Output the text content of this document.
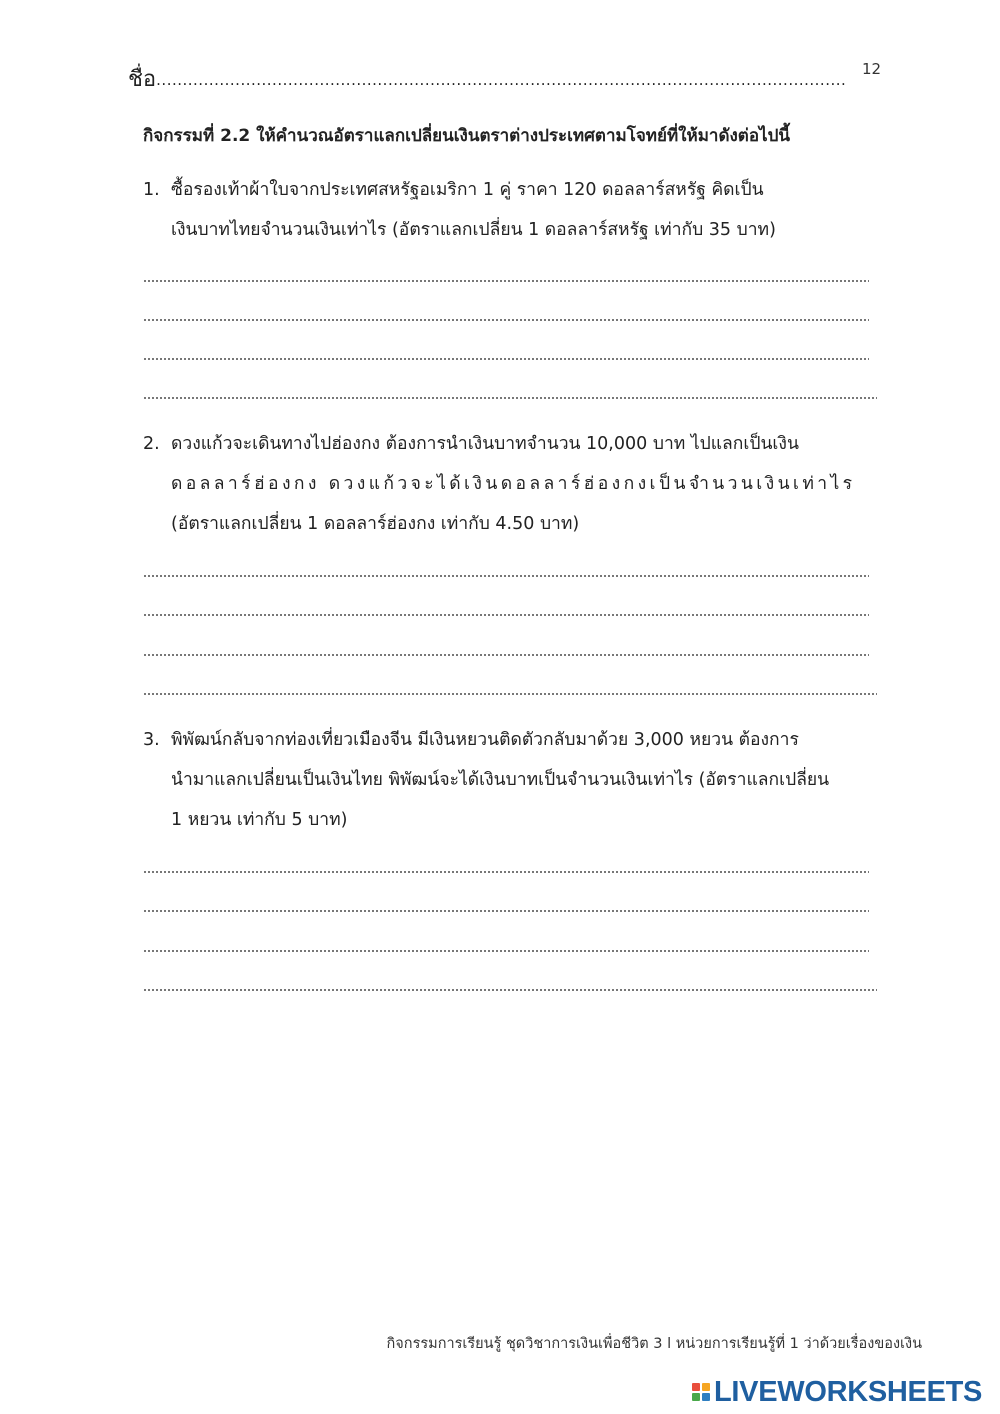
ชื่อ...................................................................................................................................
12
กิจกรรมที่ 2.2 ให้คำนวณอัตราแลกเปลี่ยนเงินตราต่างประเทศตามโจทย์ที่ให้มาดังต่อไปนี้
1. ซื้อรองเท้าผ้าใบจากประเทศสหรัฐอเมริกา 1 คู่ ราคา 120 ดอลลาร์สหรัฐ คิดเป็น
เงินบาทไทยจำนวนเงินเท่าไร (อัตราแลกเปลี่ยน 1 ดอลลาร์สหรัฐ เท่ากับ 35 บาท)
2. ดวงแก้วจะเดินทางไปฮ่องกง ต้องการนำเงินบาทจำนวน 10,000 บาท ไปแลกเป็นเงิน
ดอลลาร์ฮ่องกง ดวงแก้วจะได้เงินดอลลาร์ฮ่องกงเป็นจำนวนเงินเท่าไร
(อัตราแลกเปลี่ยน 1 ดอลลาร์ฮ่องกง เท่ากับ 4.50 บาท)
3. พิพัฒน์กลับจากท่องเที่ยวเมืองจีน มีเงินหยวนติดตัวกลับมาด้วย 3,000 หยวน ต้องการ
นำมาแลกเปลี่ยนเป็นเงินไทย พิพัฒน์จะได้เงินบาทเป็นจำนวนเงินเท่าไร (อัตราแลกเปลี่ยน
1 หยวน เท่ากับ 5 บาท)
กิจกรรมการเรียนรู้ ชุดวิชาการเงินเพื่อชีวิต 3 l หน่วยการเรียนรู้ที่ 1 ว่าด้วยเรื่องของเงิน
LIVEWORKSHEETS
